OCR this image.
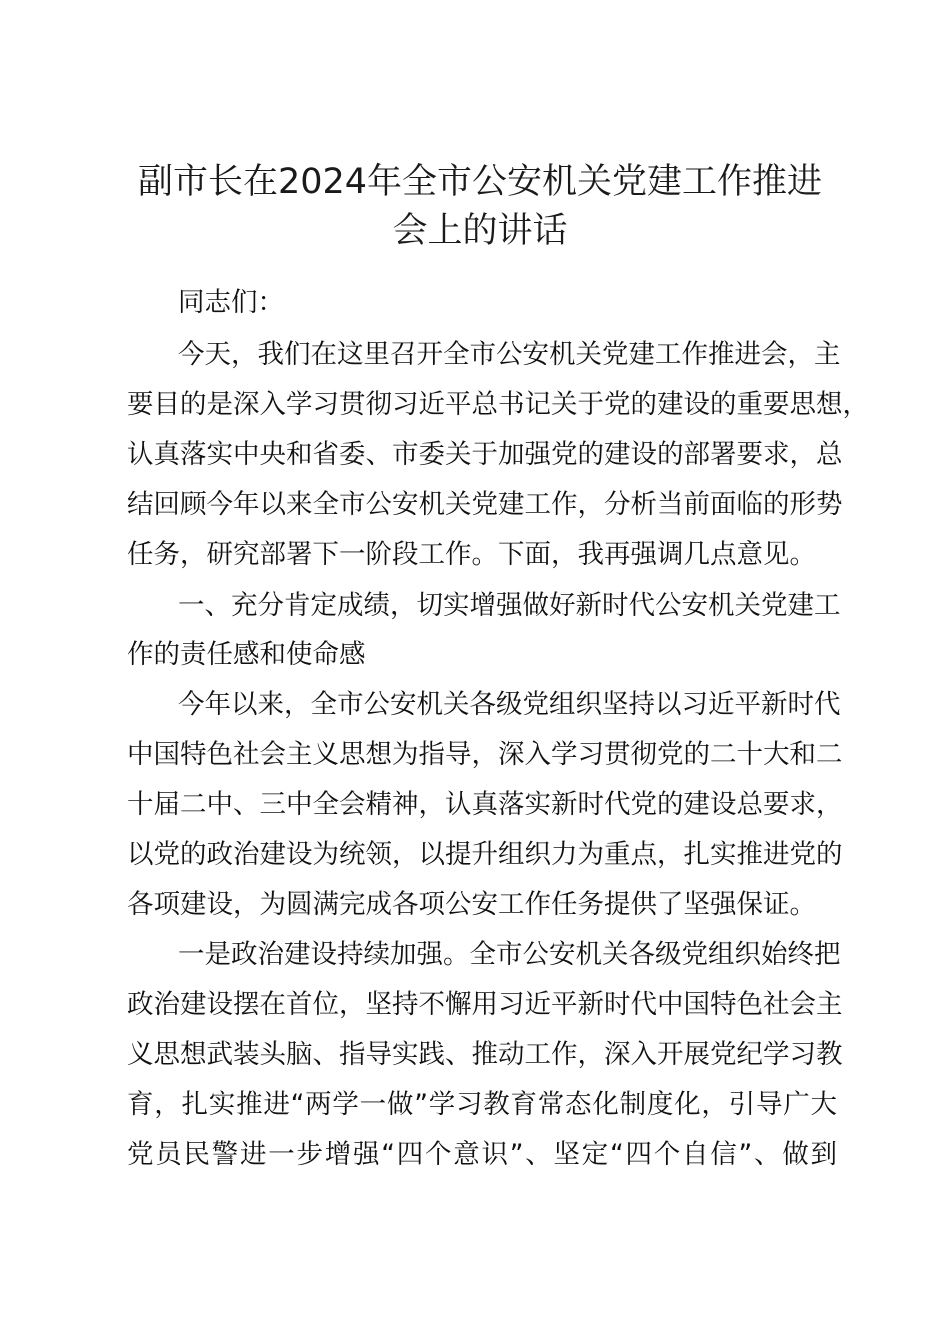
副市长在2024年全市公安机关党建工作推进
会上的讲话
同志们：
今天，我们在这里召开全市公安机关党建工作推进会，主
要目的是深入学习贯彻习近平总书记关于党的建设的重要思想，
认真落实中央和省委、市委关于加强党的建设的部署要求，总
结回顾今年以来全市公安机关党建工作，分析当前面临的形势
任务，研究部署下一阶段工作。下面，我再强调几点意见。
一、充分肯定成绩，切实增强做好新时代公安机关党建工
作的责任感和使命感
今年以来，全市公安机关各级党组织坚持以习近平新时代
中国特色社会主义思想为指导，深入学习贯彻党的二十大和二
十届二中、三中全会精神，认真落实新时代党的建设总要求，
以党的政治建设为统领，以提升组织力为重点，扎实推进党的
各项建设，为圆满完成各项公安工作任务提供了坚强保证。
一是政治建设持续加强。全市公安机关各级党组织始终把
政治建设摆在首位，坚持不懈用习近平新时代中国特色社会主
义思想武装头脑、指导实践、推动工作，深入开展党纪学习教
育，扎实推进“两学一做”学习教育常态化制度化，引导广大
党员民警进一步增强“四个意识”、坚定“四个自信”、做到
